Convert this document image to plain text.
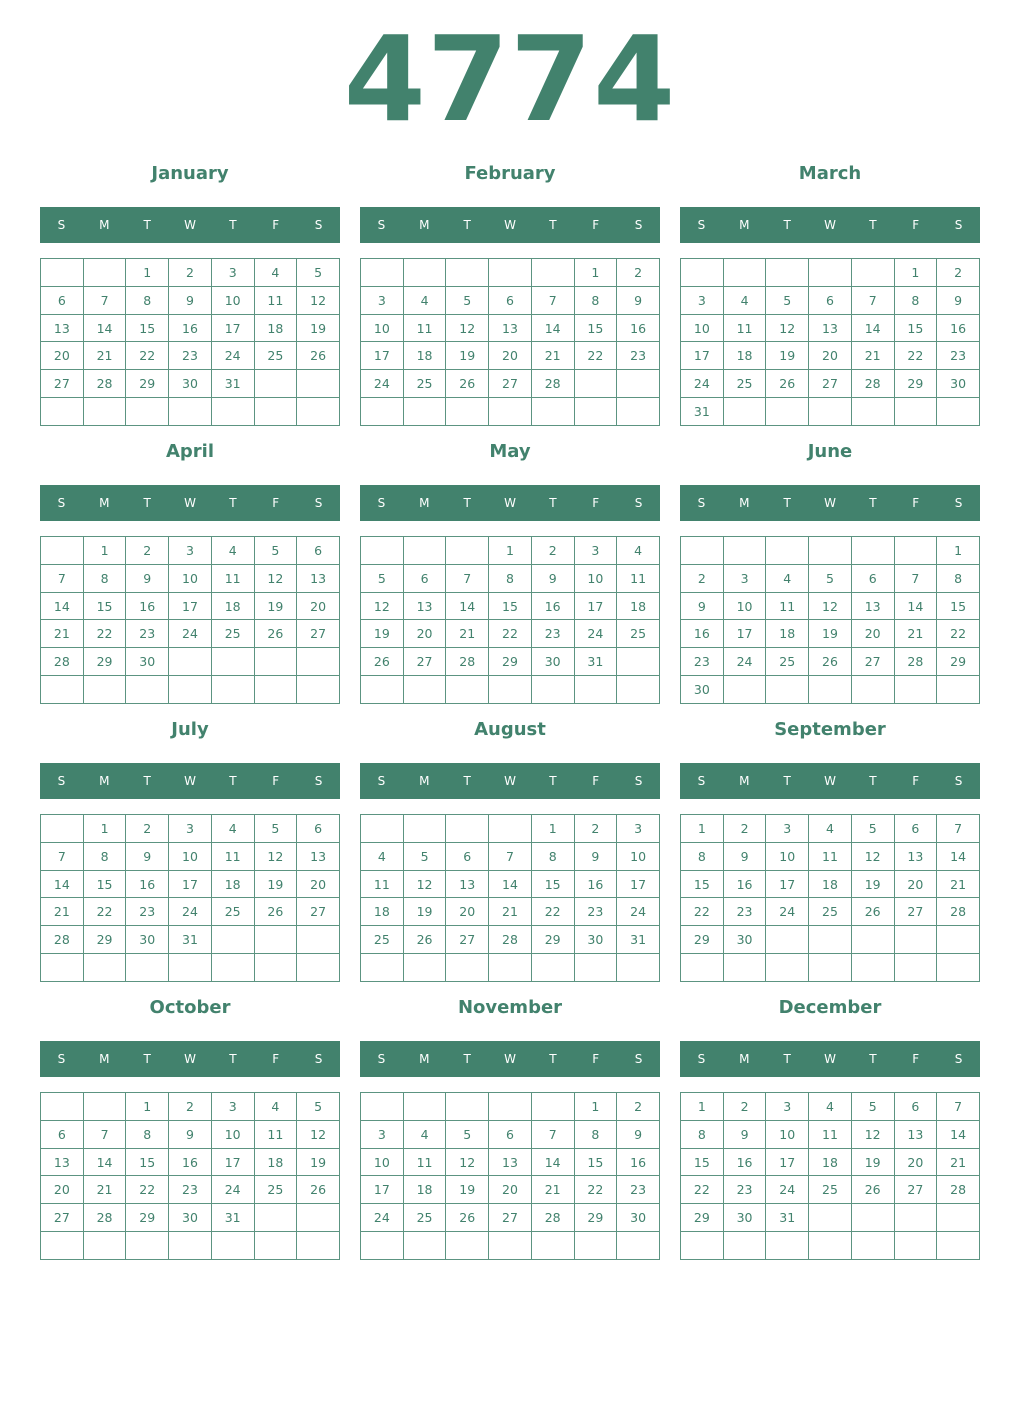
4774
January
S	M	T	W	T	F	S
		1	2	3	4	5
6	7	8	9	10	11	12
13	14	15	16	17	18	19
20	21	22	23	24	25	26
27	28	29	30	31		

February
S	M	T	W	T	F	S
					1	2
3	4	5	6	7	8	9
10	11	12	13	14	15	16
17	18	19	20	21	22	23
24	25	26	27	28		

March
S	M	T	W	T	F	S
					1	2
3	4	5	6	7	8	9
10	11	12	13	14	15	16
17	18	19	20	21	22	23
24	25	26	27	28	29	30
31						
April
S	M	T	W	T	F	S
	1	2	3	4	5	6
7	8	9	10	11	12	13
14	15	16	17	18	19	20
21	22	23	24	25	26	27
28	29	30				

May
S	M	T	W	T	F	S
			1	2	3	4
5	6	7	8	9	10	11
12	13	14	15	16	17	18
19	20	21	22	23	24	25
26	27	28	29	30	31	

June
S	M	T	W	T	F	S
						1
2	3	4	5	6	7	8
9	10	11	12	13	14	15
16	17	18	19	20	21	22
23	24	25	26	27	28	29
30						
July
S	M	T	W	T	F	S
	1	2	3	4	5	6
7	8	9	10	11	12	13
14	15	16	17	18	19	20
21	22	23	24	25	26	27
28	29	30	31			

August
S	M	T	W	T	F	S
				1	2	3
4	5	6	7	8	9	10
11	12	13	14	15	16	17
18	19	20	21	22	23	24
25	26	27	28	29	30	31

September
S	M	T	W	T	F	S
1	2	3	4	5	6	7
8	9	10	11	12	13	14
15	16	17	18	19	20	21
22	23	24	25	26	27	28
29	30					

October
S	M	T	W	T	F	S
		1	2	3	4	5
6	7	8	9	10	11	12
13	14	15	16	17	18	19
20	21	22	23	24	25	26
27	28	29	30	31		

November
S	M	T	W	T	F	S
					1	2
3	4	5	6	7	8	9
10	11	12	13	14	15	16
17	18	19	20	21	22	23
24	25	26	27	28	29	30

December
S	M	T	W	T	F	S
1	2	3	4	5	6	7
8	9	10	11	12	13	14
15	16	17	18	19	20	21
22	23	24	25	26	27	28
29	30	31				
